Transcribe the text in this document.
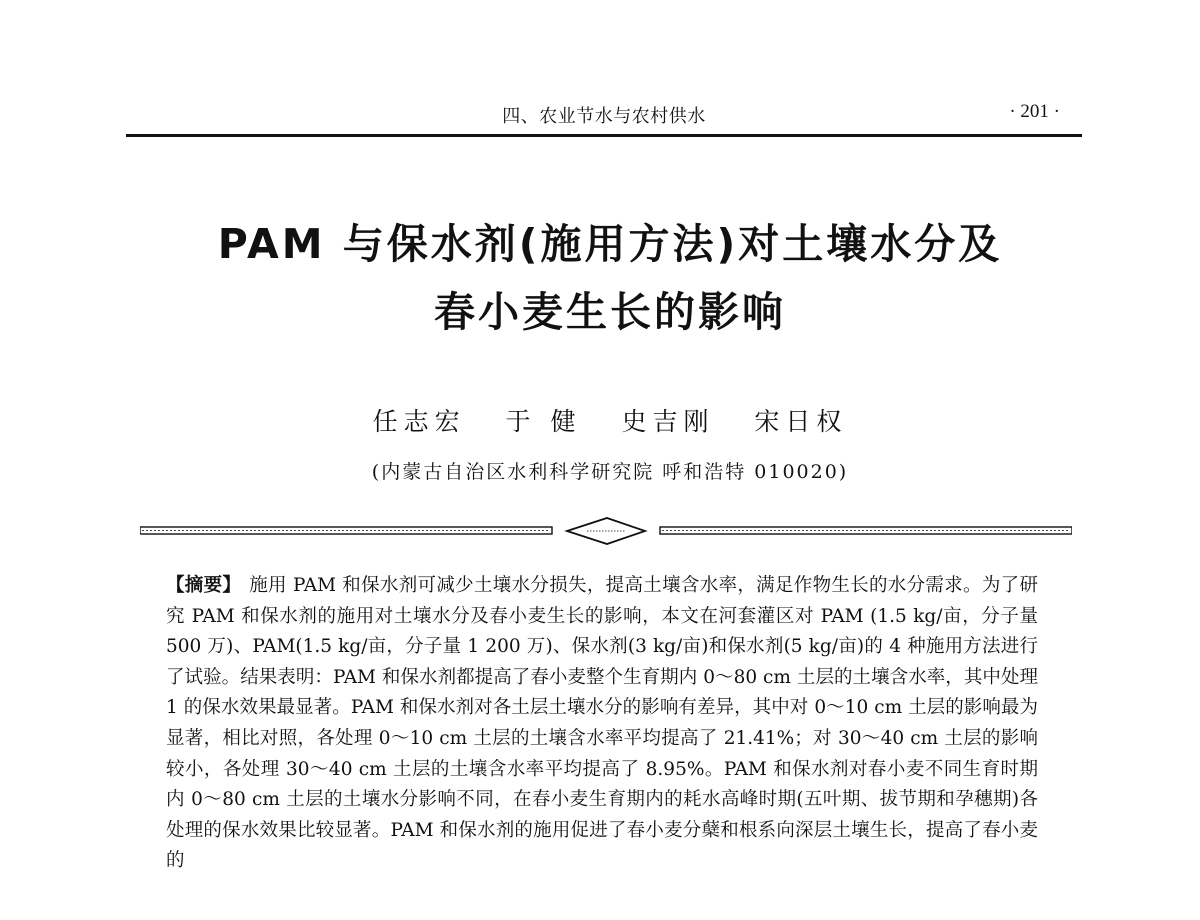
四、农业节水与农村供水	· 201 ·
PAM 与保水剂(施用方法)对土壤水分及
春小麦生长的影响
任志宏 于 健 史吉刚 宋日权
(内蒙古自治区水利科学研究院 呼和浩特 010020)
【摘要】 施用 PAM 和保水剂可减少土壤水分损失，提高土壤含水率，满足作物生长的水分需求。为了研究 PAM 和保水剂的施用对土壤水分及春小麦生长的影响，本文在河套灌区对 PAM (1.5 kg/亩，分子量 500 万)、PAM(1.5 kg/亩，分子量 1 200 万)、保水剂(3 kg/亩)和保水剂(5 kg/亩)的 4 种施用方法进行了试验。结果表明：PAM 和保水剂都提高了春小麦整个生育期内 0～80 cm 土层的土壤含水率，其中处理 1 的保水效果最显著。PAM 和保水剂对各土层土壤水分的影响有差异，其中对 0～10 cm 土层的影响最为显著，相比对照，各处理 0～10 cm 土层的土壤含水率平均提高了 21.41%；对 30～40 cm 土层的影响较小，各处理 30～40 cm 土层的土壤含水率平均提高了 8.95%。PAM 和保水剂对春小麦不同生育时期内 0～80 cm 土层的土壤水分影响不同，在春小麦生育期内的耗水高峰时期(五叶期、拔节期和孕穗期)各处理的保水效果比较显著。PAM 和保水剂的施用促进了春小麦分蘖和根系向深层土壤生长，提高了春小麦的
